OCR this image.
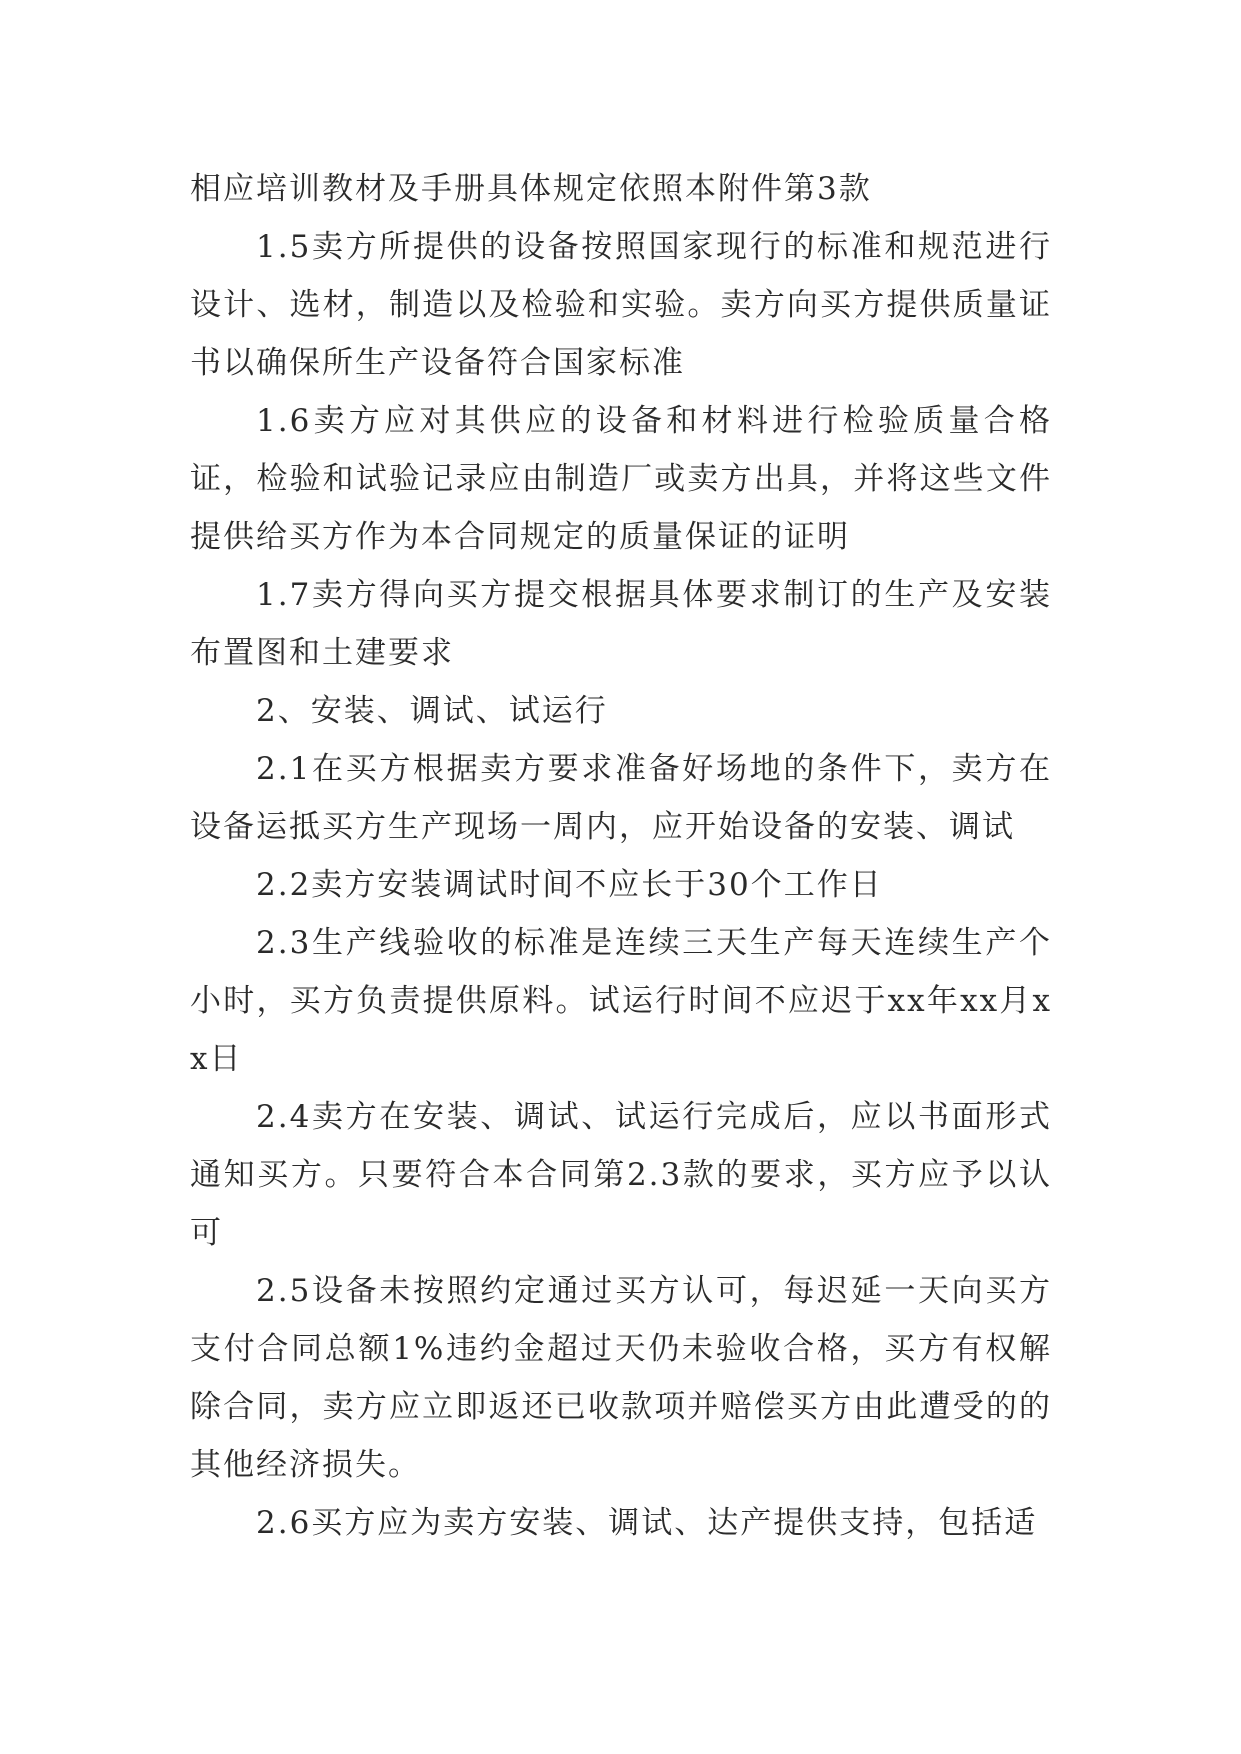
相应培训教材及手册具体规定依照本附件第3款

1.5卖方所提供的设备按照国家现行的标准和规范进行设计、选材，制造以及检验和实验。卖方向买方提供质量证书以确保所生产设备符合国家标准

1.6卖方应对其供应的设备和材料进行检验质量合格证，检验和试验记录应由制造厂或卖方出具，并将这些文件提供给买方作为本合同规定的质量保证的证明

1.7卖方得向买方提交根据具体要求制订的生产及安装布置图和土建要求

2、安装、调试、试运行

2.1在买方根据卖方要求准备好场地的条件下，卖方在设备运抵买方生产现场一周内，应开始设备的安装、调试

2.2卖方安装调试时间不应长于30个工作日

2.3生产线验收的标准是连续三天生产每天连续生产个小时，买方负责提供原料。试运行时间不应迟于xx年xx月xx日

2.4卖方在安装、调试、试运行完成后，应以书面形式通知买方。只要符合本合同第2.3款的要求，买方应予以认可

2.5设备未按照约定通过买方认可，每迟延一天向买方支付合同总额1%违约金超过天仍未验收合格，买方有权解除合同，卖方应立即返还已收款项并赔偿买方由此遭受的的其他经济损失。

2.6买方应为卖方安装、调试、达产提供支持，包括适
